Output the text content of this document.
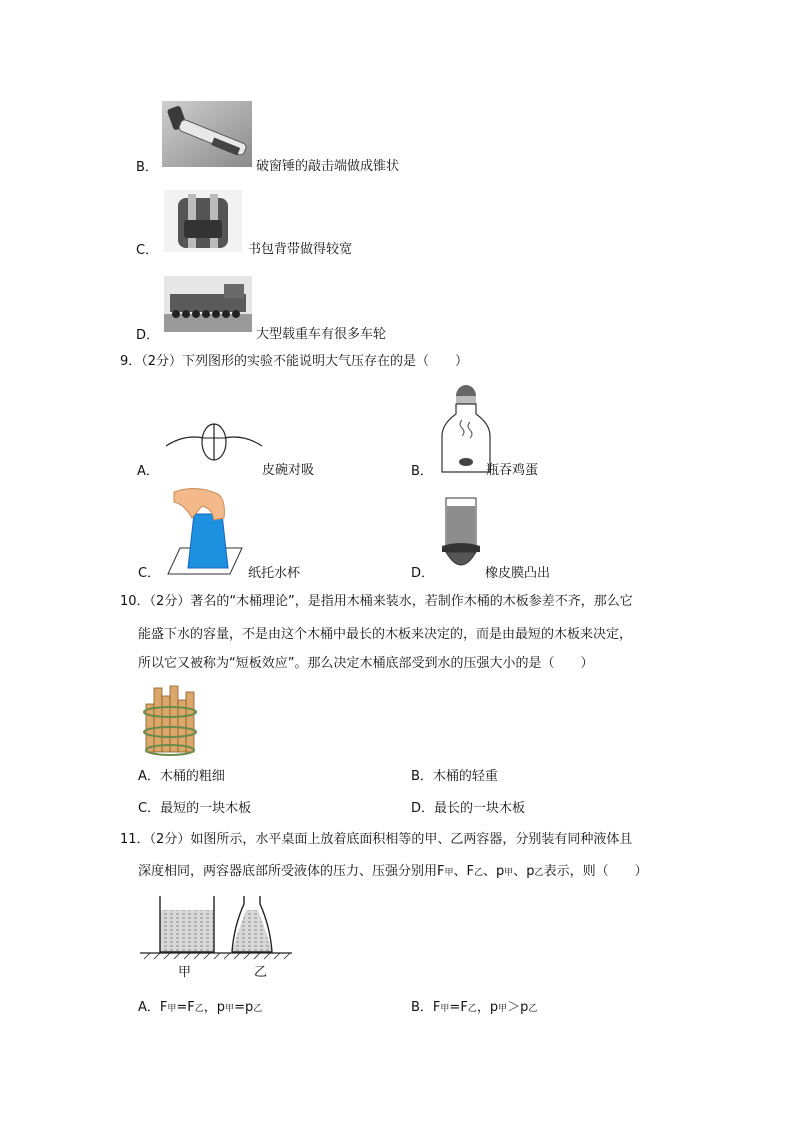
B．	破窗锤的敲击端做成锥状
C．	书包背带做得较宽
D．	大型载重车有很多车轮
9．（2分）下列图形的实验不能说明大气压存在的是（　　）
A．	皮碗对吸	B．	瓶吞鸡蛋
C．	纸托水杯	D．	橡皮膜凸出
10．（2分）著名的“木桶理论”，是指用木桶来装水，若制作木桶的木板参差不齐，那么它
能盛下水的容量，不是由这个木桶中最长的木板来决定的，而是由最短的木板来决定，
所以它又被称为“短板效应”。那么决定木桶底部受到水的压强大小的是（　　）
A．木桶的粗细	B．木桶的轻重
C．最短的一块木板	D．最长的一块木板
11．（2分）如图所示，水平桌面上放着底面积相等的甲、乙两容器，分别装有同种液体且
深度相同，两容器底部所受液体的压力、压强分别用F甲、F乙、p甲、p乙表示，则（　　）
甲	乙
A．F甲=F乙，p甲=p乙	B．F甲=F乙，p甲＞p乙
